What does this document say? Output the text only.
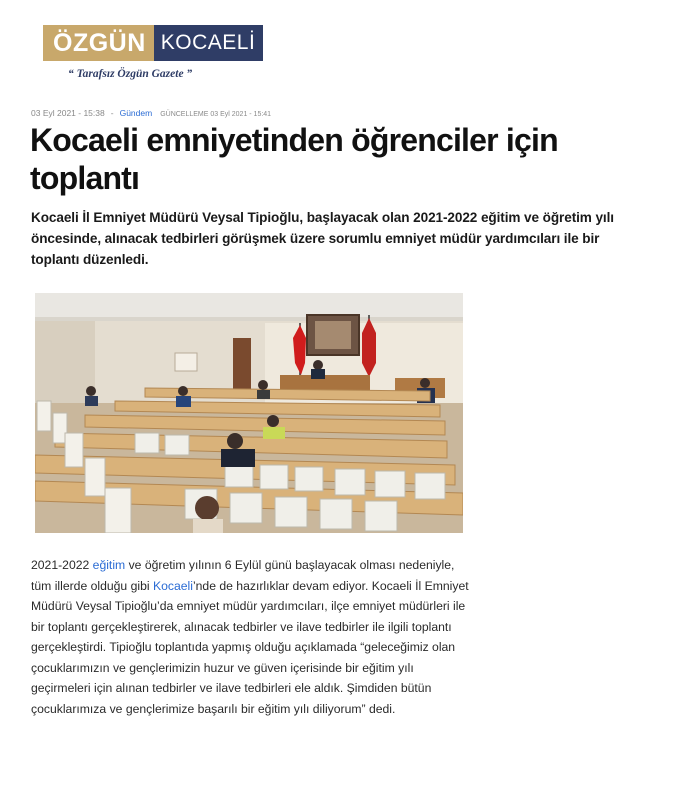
ÖZGÜN KOCAELİ
“ Tarafsız Özgün Gazete ”
03 Eyl 2021 - 15:38 - Gündem GÜNCELLEME 03 Eyl 2021 - 15:41
Kocaeli emniyetinden öğrenciler için toplantı

Kocaeli İl Emniyet Müdürü Veysal Tipioğlu, başlayacak olan 2021-2022 eğitim ve öğretim yılı öncesinde, alınacak tedbirleri görüşmek üzere sorumlu emniyet müdür yardımcıları ile bir toplantı düzenledi.

2021-2022 eğitim ve öğretim yılının 6 Eylül günü başlayacak olması nedeniyle, tüm illerde olduğu gibi Kocaeli’nde de hazırlıklar devam ediyor. Kocaeli İl Emniyet Müdürü Veysal Tipioğlu’da emniyet müdür yardımcıları, ilçe emniyet müdürleri ile bir toplantı gerçekleştirerek, alınacak tedbirler ve ilave tedbirler ile ilgili toplantı gerçekleştirdi. Tipioğlu toplantıda yapmış olduğu açıklamada “geleceğimiz olan çocuklarımızın ve gençlerimizin huzur ve güven içerisinde bir eğitim yılı geçirmeleri için alınan tedbirler ve ilave tedbirleri ele aldık. Şimdiden bütün çocuklarımıza ve gençlerimize başarılı bir eğitim yılı diliyorum” dedi.
